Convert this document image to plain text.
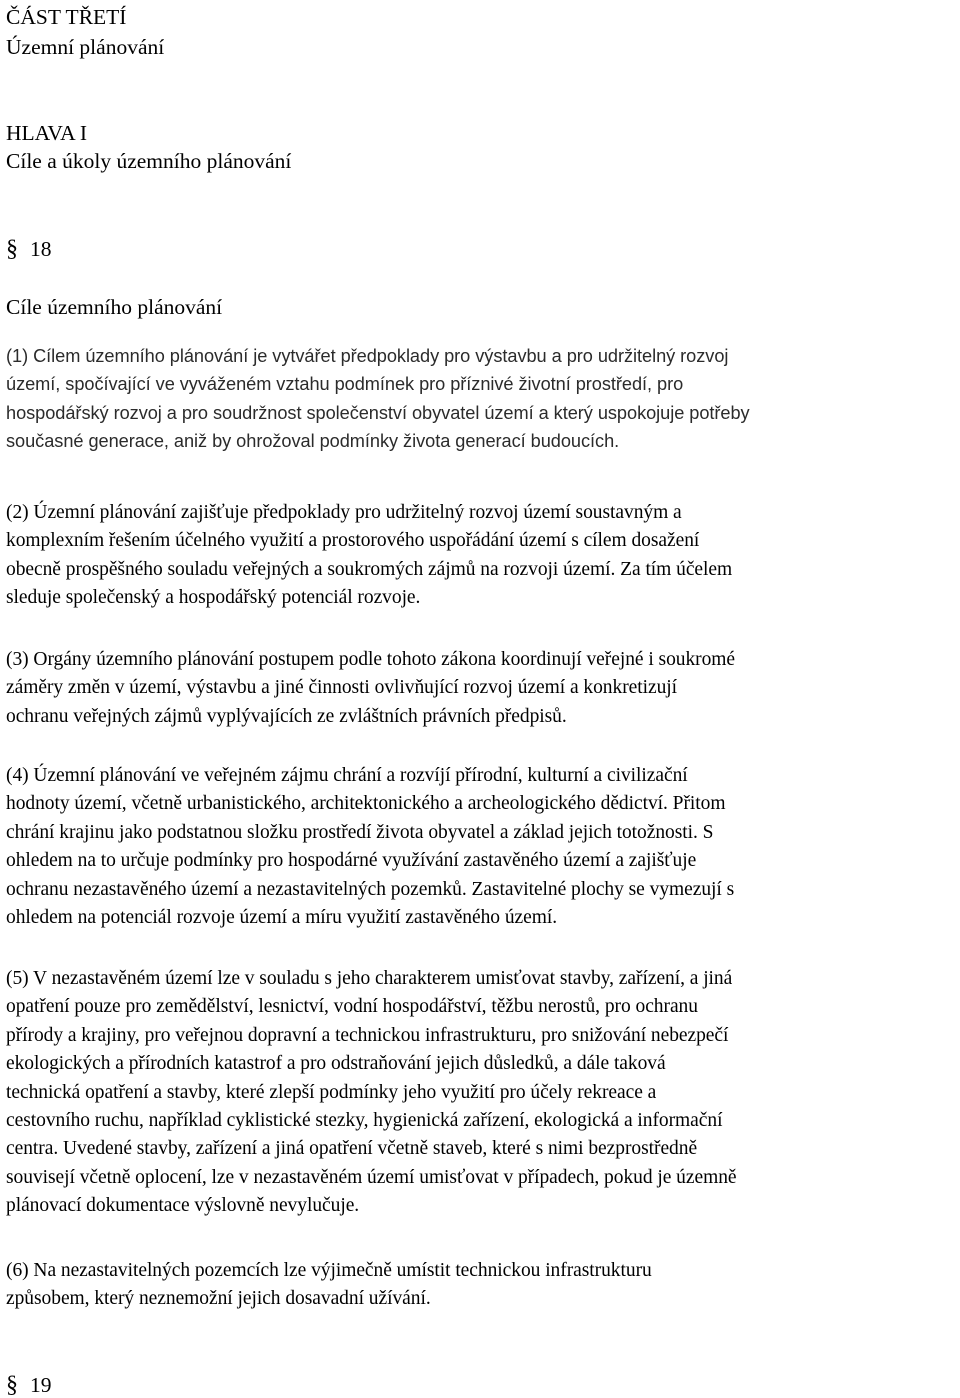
ČÁST TŘETÍ
Územní plánování
HLAVA I
Cíle a úkoly územního plánování
§ 18
Cíle územního plánování
(1) Cílem územního plánování je vytvářet předpoklady pro výstavbu a pro udržitelný rozvoj
území, spočívající ve vyváženém vztahu podmínek pro příznivé životní prostředí, pro
hospodářský rozvoj a pro soudržnost společenství obyvatel území a který uspokojuje potřeby
současné generace, aniž by ohrožoval podmínky života generací budoucích.
(2) Územní plánování zajišťuje předpoklady pro udržitelný rozvoj území soustavným a
komplexním řešením účelného využití a prostorového uspořádání území s cílem dosažení
obecně prospěšného souladu veřejných a soukromých zájmů na rozvoji území. Za tím účelem
sleduje společenský a hospodářský potenciál rozvoje.
(3) Orgány územního plánování postupem podle tohoto zákona koordinují veřejné i soukromé
záměry změn v území, výstavbu a jiné činnosti ovlivňující rozvoj území a konkretizují
ochranu veřejných zájmů vyplývajících ze zvláštních právních předpisů.
(4) Územní plánování ve veřejném zájmu chrání a rozvíjí přírodní, kulturní a civilizační
hodnoty území, včetně urbanistického, architektonického a archeologického dědictví. Přitom
chrání krajinu jako podstatnou složku prostředí života obyvatel a základ jejich totožnosti. S
ohledem na to určuje podmínky pro hospodárné využívání zastavěného území a zajišťuje
ochranu nezastavěného území a nezastavitelných pozemků. Zastavitelné plochy se vymezují s
ohledem na potenciál rozvoje území a míru využití zastavěného území.
(5) V nezastavěném území lze v souladu s jeho charakterem umisťovat stavby, zařízení, a jiná
opatření pouze pro zemědělství, lesnictví, vodní hospodářství, těžbu nerostů, pro ochranu
přírody a krajiny, pro veřejnou dopravní a technickou infrastrukturu, pro snižování nebezpečí
ekologických a přírodních katastrof a pro odstraňování jejich důsledků, a dále taková
technická opatření a stavby, které zlepší podmínky jeho využití pro účely rekreace a
cestovního ruchu, například cyklistické stezky, hygienická zařízení, ekologická a informační
centra. Uvedené stavby, zařízení a jiná opatření včetně staveb, které s nimi bezprostředně
souvisejí včetně oplocení, lze v nezastavěném území umisťovat v případech, pokud je územně
plánovací dokumentace výslovně nevylučuje.
(6) Na nezastavitelných pozemcích lze výjimečně umístit technickou infrastrukturu
způsobem, který neznemožní jejich dosavadní užívání.
§ 19
